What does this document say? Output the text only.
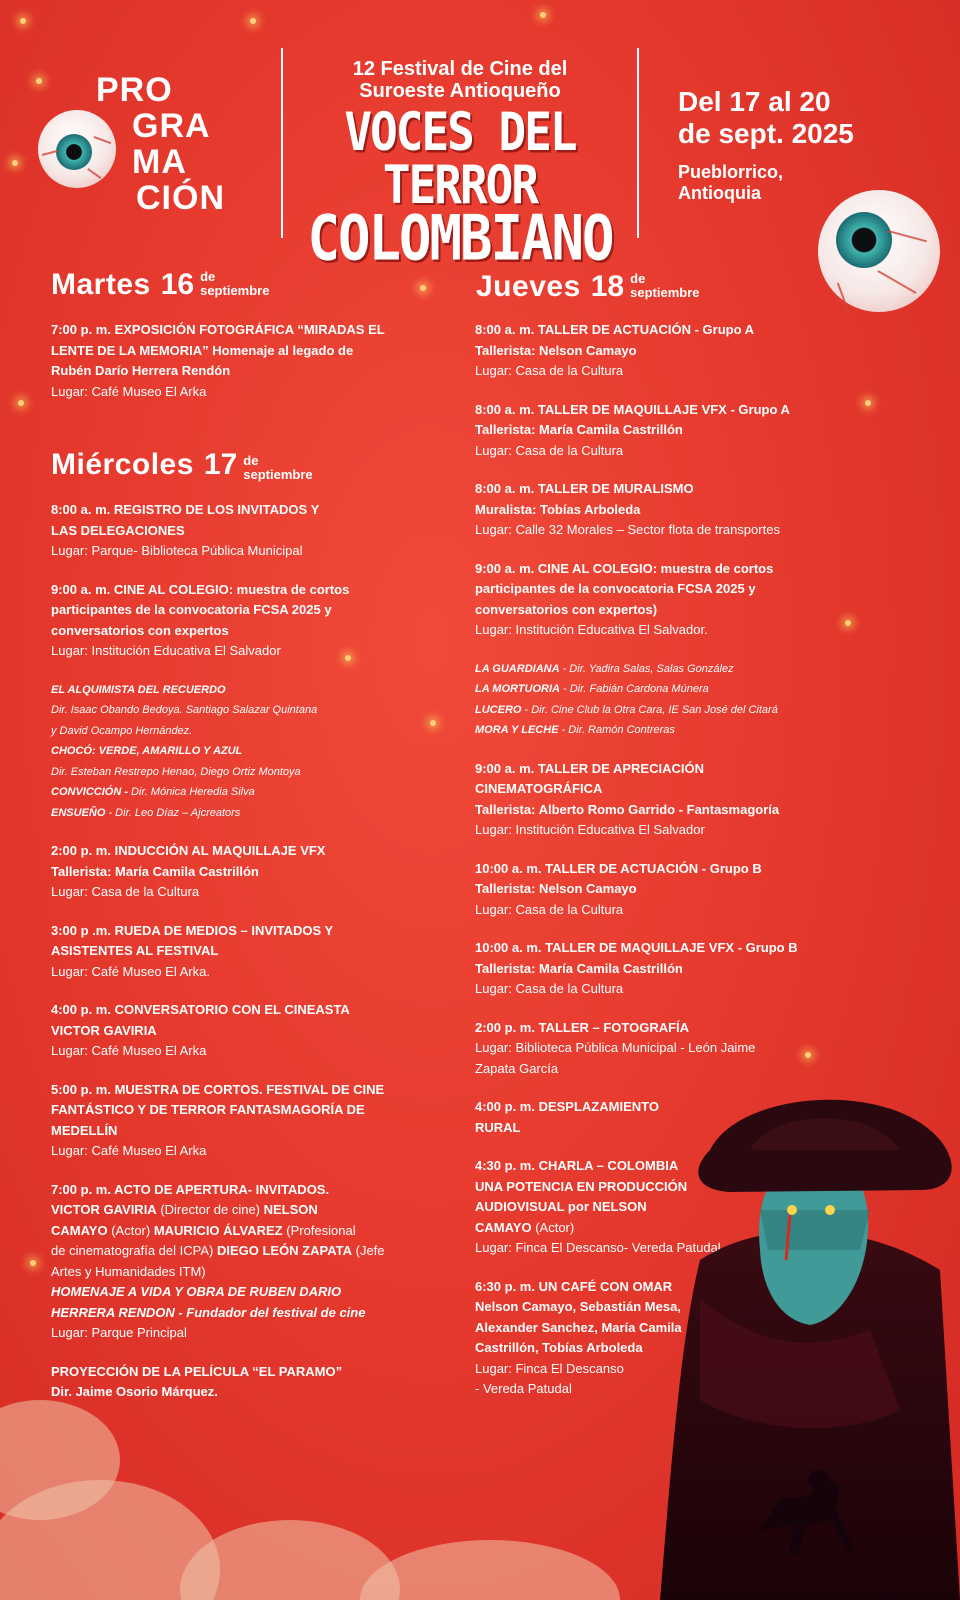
PRO
GRA
MA
CIÓN
12 Festival de Cine del
Suroeste Antioqueño
VOCES DEL TERROR
COLOMBIANO
Del 17 al 20
de sept. 2025
Pueblorrico,
Antioquia
Martes 16 de
septiembre
7:00 p. m. EXPOSICIÓN FOTOGRÁFICA “MIRADAS EL
LENTE DE LA MEMORIA” Homenaje al legado de
Rubén Darío Herrera Rendón
Lugar: Café Museo El Arka
Miércoles 17 de
septiembre
8:00 a. m. REGISTRO DE LOS INVITADOS Y
LAS DELEGACIONES
Lugar: Parque- Biblioteca Pública Municipal
9:00 a. m. CINE AL COLEGIO: muestra de cortos
participantes de la convocatoria FCSA 2025 y
conversatorios con expertos
Lugar: Institución Educativa El Salvador
EL ALQUIMISTA DEL RECUERDO
Dir. Isaac Obando Bedoya. Santiago Salazar Quintana
y David Ocampo Hernández.
CHOCÓ: VERDE, AMARILLO Y AZUL
Dir. Esteban Restrepo Henao, Diego Ortiz Montoya
CONVICCIÓN - Dir. Mónica Heredia Silva
ENSUEÑO - Dir. Leo Díaz – Ajcreators
2:00 p. m. INDUCCIÓN AL MAQUILLAJE VFX
Tallerista: María Camila Castrillón
Lugar: Casa de la Cultura
3:00 p .m. RUEDA DE MEDIOS – INVITADOS Y
ASISTENTES AL FESTIVAL
Lugar: Café Museo El Arka.
4:00 p. m. CONVERSATORIO CON EL CINEASTA
VICTOR GAVIRIA
Lugar: Café Museo El Arka
5:00 p. m. MUESTRA DE CORTOS. FESTIVAL DE CINE
FANTÁSTICO Y DE TERROR FANTASMAGORÍA DE
MEDELLÍN
Lugar: Café Museo El Arka
7:00 p. m. ACTO DE APERTURA- INVITADOS.
VICTOR GAVIRIA (Director de cine) NELSON
CAMAYO (Actor) MAURICIO ÁLVAREZ (Profesional
de cinematografía del ICPA) DIEGO LEÓN ZAPATA (Jefe
Artes y Humanidades ITM)
HOMENAJE A VIDA Y OBRA DE RUBEN DARIO
HERRERA RENDON - Fundador del festival de cine
Lugar: Parque Principal
PROYECCIÓN DE LA PELÍCULA “EL PARAMO”
Dir. Jaime Osorio Márquez.
Jueves 18 de
septiembre
8:00 a. m. TALLER DE ACTUACIÓN - Grupo A
Tallerista: Nelson Camayo
Lugar: Casa de la Cultura
8:00 a. m. TALLER DE MAQUILLAJE VFX - Grupo A
Tallerista: María Camila Castrillón
Lugar: Casa de la Cultura
8:00 a. m. TALLER DE MURALISMO
Muralista: Tobías Arboleda
Lugar: Calle 32 Morales – Sector flota de transportes
9:00 a. m. CINE AL COLEGIO: muestra de cortos
participantes de la convocatoria FCSA 2025 y
conversatorios con expertos)
Lugar: Institución Educativa El Salvador.
LA GUARDIANA - Dir. Yadira Salas, Salas González
LA MORTUORIA - Dir. Fabián Cardona Múnera
LUCERO - Dir. Cine Club la Otra Cara, IE San José del Citará
MORA Y LECHE - Dir. Ramón Contreras
9:00 a. m. TALLER DE APRECIACIÓN
CINEMATOGRÁFICA
Tallerista: Alberto Romo Garrido - Fantasmagoría
Lugar: Institución Educativa El Salvador
10:00 a. m. TALLER DE ACTUACIÓN - Grupo B
Tallerista: Nelson Camayo
Lugar: Casa de la Cultura
10:00 a. m. TALLER DE MAQUILLAJE VFX - Grupo B
Tallerista: María Camila Castrillón
Lugar: Casa de la Cultura
2:00 p. m. TALLER – FOTOGRAFÍA
Lugar: Biblioteca Pública Municipal - León Jaime
Zapata García
4:00 p. m. DESPLAZAMIENTO
RURAL
4:30 p. m. CHARLA – COLOMBIA
UNA POTENCIA EN PRODUCCIÓN
AUDIOVISUAL por NELSON
CAMAYO (Actor)
Lugar: Finca El Descanso- Vereda Patudal
6:30 p. m. UN CAFÉ CON OMAR
Nelson Camayo, Sebastián Mesa,
Alexander Sanchez, María Camila
Castrillón, Tobías Arboleda
Lugar: Finca El Descanso
- Vereda Patudal
